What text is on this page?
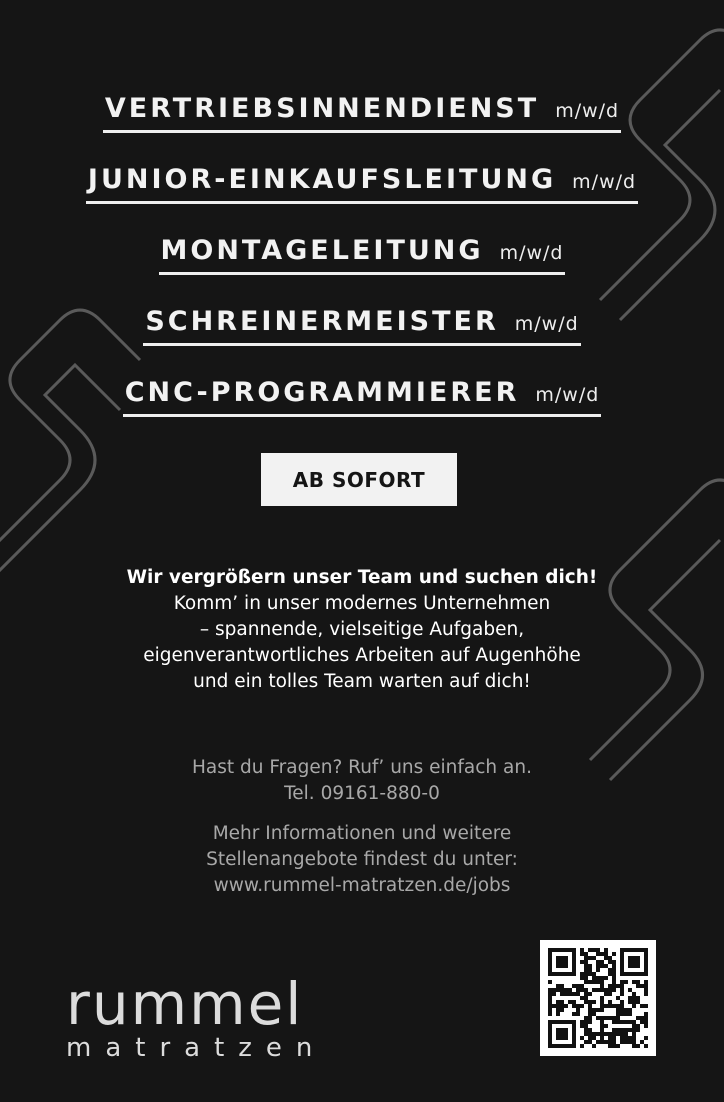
VERTRIEBSINNENDIENST m/w/d
JUNIOR-EINKAUFSLEITUNG m/w/d
MONTAGELEITUNG m/w/d
SCHREINERMEISTER m/w/d
CNC-PROGRAMMIERER m/w/d
AB SOFORT
Wir vergrößern unser Team und suchen dich!
Komm’ in unser modernes Unternehmen
– spannende, vielseitige Aufgaben,
eigenverantwortliches Arbeiten auf Augenhöhe
und ein tolles Team warten auf dich!
Hast du Fragen? Ruf’ uns einfach an.
Tel. 09161-880-0
Mehr Informationen und weitere
Stellenangebote findest du unter:
www.rummel-matratzen.de/jobs
rummel
matratzen
